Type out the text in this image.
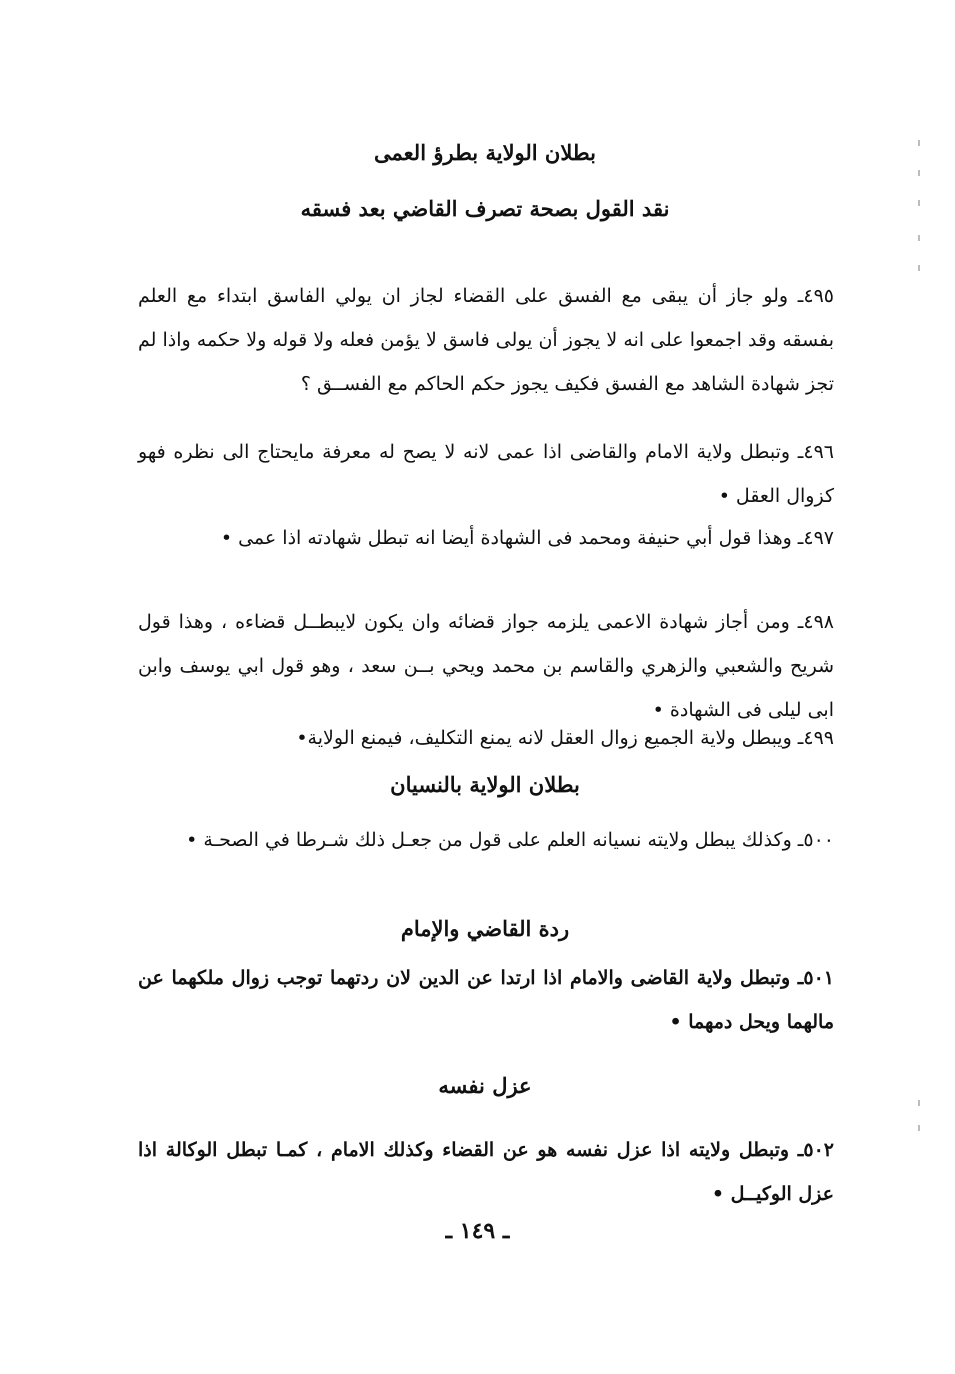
بطلان الولاية بطرؤ العمى
نقد القول بصحة تصرف القاضي بعد فسقه
٤٩٥ـ ولو جاز أن يبقى مع الفسق على القضاء لجاز ان يولي الفاسق ابتداء مع العلم بفسقه وقد اجمعوا على انه لا يجوز أن يولى فاسق لا يؤمن فعله ولا قوله ولا حكمه واذا لم تجز شهادة الشاهد مع الفسق فكيف يجوز حكم الحاكم مع الفســق ؟
٤٩٦ـ وتبطل ولاية الامام والقاضى اذا عمى لانه لا يصح له معرفة مايحتاج الى نظره فهو كزوال العقل •
٤٩٧ـ وهذا قول أبي حنيفة ومحمد فى الشهادة أيضا انه تبطل شهادته اذا عمى •
٤٩٨ـ ومن أجاز شهادة الاعمى يلزمه جواز قضائه وان يكون لايبطــل قضاءه ، وهذا قول شريح والشعبي والزهري والقاسم بن محمد ويحي بــن سعد ، وهو قول ابي يوسف وابن ابى ليلى فى الشهادة •
٤٩٩ـ ويبطل ولاية الجميع زوال العقل لانه يمنع التكليف، فيمنع الولاية•
بطلان الولاية بالنسيان
٥٠٠ـ وكذلك يبطل ولايته نسيانه العلم على قول من جعـل ذلك شـرطا في الصحـة •
ردة القاضي والإمام
٥٠١ـ وتبطل ولاية القاضى والامام اذا ارتدا عن الدين لان ردتهما توجب زوال ملكهما عن مالهما ويحل دمهما •
عزل نفسه
٥٠٢ـ وتبطل ولايته اذا عزل نفسه هو عن القضاء وكذلك الامام ، كمـا تبطل الوكالة اذا عزل الوكيــل •
ـ ١٤٩ ـ
